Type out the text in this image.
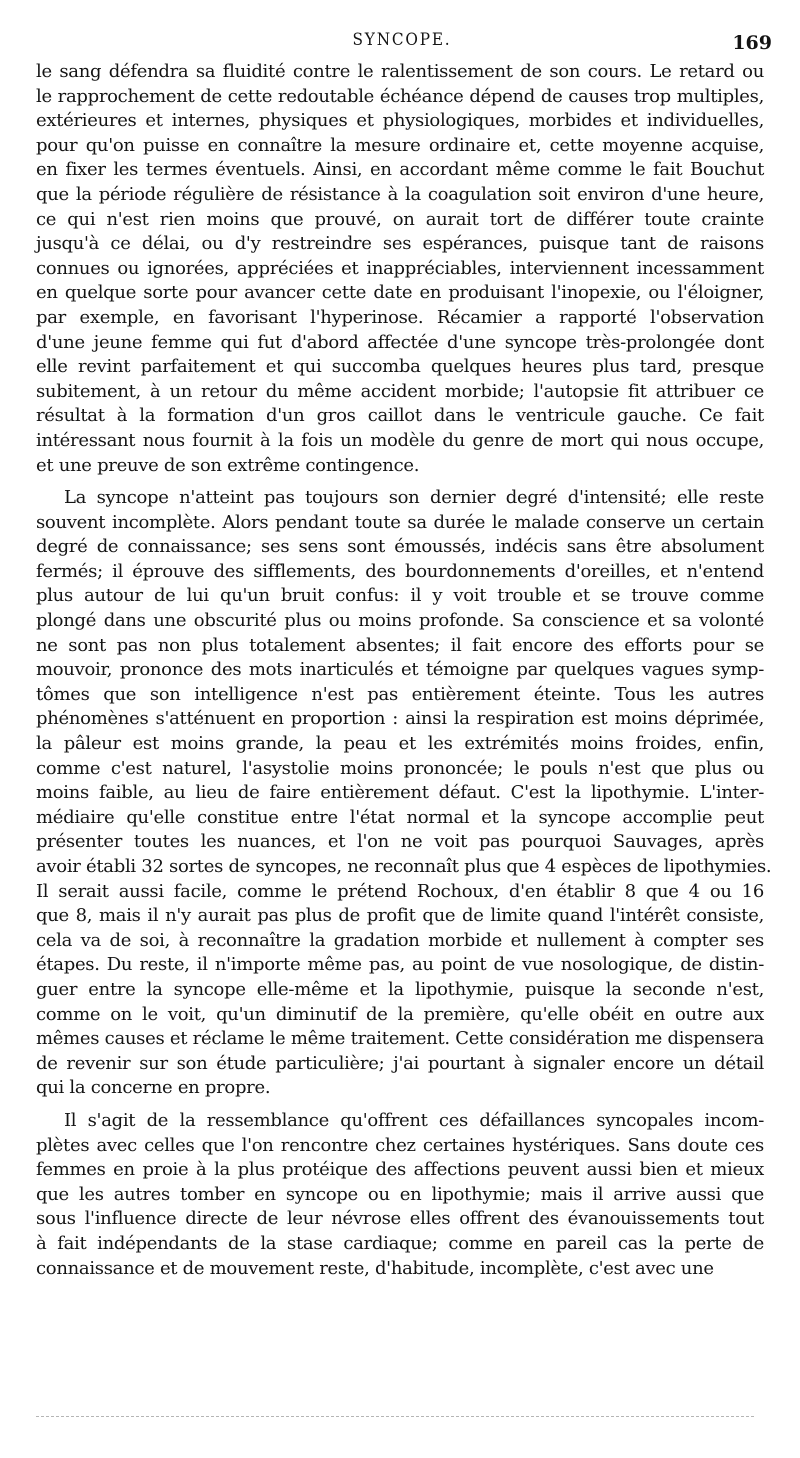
SYNCOPE.	169
le sang défendra sa fluidité contre le ralentissement de son cours. Le retard ou
le rapprochement de cette redoutable échéance dépend de causes trop multiples,
extérieures et internes, physiques et physiologiques, morbides et individuelles,
pour qu'on puisse en connaître la mesure ordinaire et, cette moyenne acquise,
en fixer les termes éventuels. Ainsi, en accordant même comme le fait Bouchut
que la période régulière de résistance à la coagulation soit environ d'une heure,
ce qui n'est rien moins que prouvé, on aurait tort de différer toute crainte
jusqu'à ce délai, ou d'y restreindre ses espérances, puisque tant de raisons
connues ou ignorées, appréciées et inappréciables, interviennent incessamment
en quelque sorte pour avancer cette date en produisant l'inopexie, ou l'éloigner,
par exemple, en favorisant l'hyperinose. Récamier a rapporté l'observation
d'une jeune femme qui fut d'abord affectée d'une syncope très-prolongée dont
elle revint parfaitement et qui succomba quelques heures plus tard, presque
subitement, à un retour du même accident morbide; l'autopsie fit attribuer ce
résultat à la formation d'un gros caillot dans le ventricule gauche. Ce fait
intéressant nous fournit à la fois un modèle du genre de mort qui nous occupe,
et une preuve de son extrême contingence.
La syncope n'atteint pas toujours son dernier degré d'intensité; elle reste
souvent incomplète. Alors pendant toute sa durée le malade conserve un certain
degré de connaissance; ses sens sont émoussés, indécis sans être absolument
fermés; il éprouve des sifflements, des bourdonnements d'oreilles, et n'entend
plus autour de lui qu'un bruit confus: il y voit trouble et se trouve comme
plongé dans une obscurité plus ou moins profonde. Sa conscience et sa volonté
ne sont pas non plus totalement absentes; il fait encore des efforts pour se
mouvoir, prononce des mots inarticulés et témoigne par quelques vagues symp-
tômes que son intelligence n'est pas entièrement éteinte. Tous les autres
phénomènes s'atténuent en proportion : ainsi la respiration est moins déprimée,
la pâleur est moins grande, la peau et les extrémités moins froides, enfin,
comme c'est naturel, l'asystolie moins prononcée; le pouls n'est que plus ou
moins faible, au lieu de faire entièrement défaut. C'est la lipothymie. L'inter-
médiaire qu'elle constitue entre l'état normal et la syncope accomplie peut
présenter toutes les nuances, et l'on ne voit pas pourquoi Sauvages, après
avoir établi 32 sortes de syncopes, ne reconnaît plus que 4 espèces de lipothymies.
Il serait aussi facile, comme le prétend Rochoux, d'en établir 8 que 4 ou 16
que 8, mais il n'y aurait pas plus de profit que de limite quand l'intérêt consiste,
cela va de soi, à reconnaître la gradation morbide et nullement à compter ses
étapes. Du reste, il n'importe même pas, au point de vue nosologique, de distin-
guer entre la syncope elle-même et la lipothymie, puisque la seconde n'est,
comme on le voit, qu'un diminutif de la première, qu'elle obéit en outre aux
mêmes causes et réclame le même traitement. Cette considération me dispensera
de revenir sur son étude particulière; j'ai pourtant à signaler encore un détail
qui la concerne en propre.
Il s'agit de la ressemblance qu'offrent ces défaillances syncopales incom-
plètes avec celles que l'on rencontre chez certaines hystériques. Sans doute ces
femmes en proie à la plus protéique des affections peuvent aussi bien et mieux
que les autres tomber en syncope ou en lipothymie; mais il arrive aussi que
sous l'influence directe de leur névrose elles offrent des évanouissements tout
à fait indépendants de la stase cardiaque; comme en pareil cas la perte de
connaissance et de mouvement reste, d'habitude, incomplète, c'est avec une
